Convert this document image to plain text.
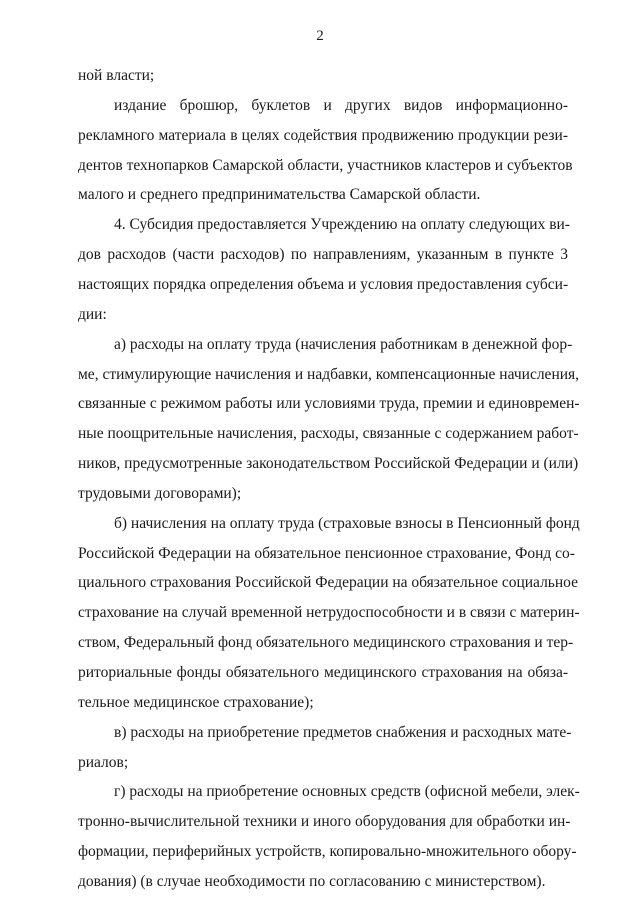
2
ной власти;
издание брошюр, буклетов и других видов информационно-
рекламного материала в целях содействия продвижению продукции рези-
дентов технопарков Самарской области, участников кластеров и субъектов
малого и среднего предпринимательства Самарской области.
4. Субсидия предоставляется Учреждению на оплату следующих ви-
дов расходов (части расходов) по направлениям, указанным в пункте 3
настоящих порядка определения объема и условия предоставления субси-
дии:
а) расходы на оплату труда (начисления работникам в денежной фор-
ме, стимулирующие начисления и надбавки, компенсационные начисления,
связанные с режимом работы или условиями труда, премии и единовремен-
ные поощрительные начисления, расходы, связанные с содержанием работ-
ников, предусмотренные законодательством Российской Федерации и (или)
трудовыми договорами);
б) начисления на оплату труда (страховые взносы в Пенсионный фонд
Российской Федерации на обязательное пенсионное страхование, Фонд со-
циального страхования Российской Федерации на обязательное социальное
страхование на случай временной нетрудоспособности и в связи с материн-
ством, Федеральный фонд обязательного медицинского страхования и тер-
риториальные фонды обязательного медицинского страхования на обяза-
тельное медицинское страхование);
в) расходы на приобретение предметов снабжения и расходных мате-
риалов;
г) расходы на приобретение основных средств (офисной мебели, элек-
тронно-вычислительной техники и иного оборудования для обработки ин-
формации, периферийных устройств, копировально-множительного обору-
дования) (в случае необходимости по согласованию с министерством).
